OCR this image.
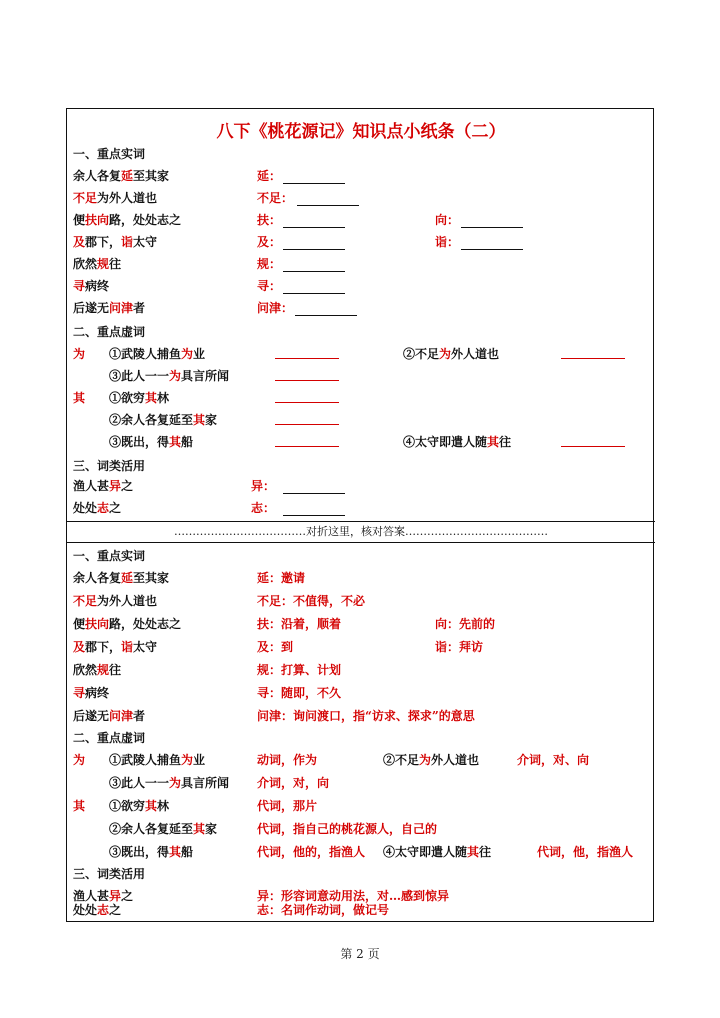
八下《桃花源记》知识点小纸条（二）
一、重点实词
余人各复延至其家	延：
不足为外人道也	不足：
便扶向路，处处志之	扶：	向：
及郡下，诣太守	及：	诣：
欣然规往	规：
寻病终	寻：
后遂无问津者	问津：
二、重点虚词
为 ①武陵人捕鱼为业	②不足为外人道也
③此人一一为具言所闻
其 ①欲穷其林
②余人各复延至其家
③既出，得其船	④太守即遣人随其往
三、词类活用
渔人甚异之	异：
处处志之	志：
………………………………对折这里，核对答案…………………………………
一、重点实词
余人各复延至其家	延：邀请
不足为外人道也	不足：不值得，不必
便扶向路，处处志之	扶：沿着，顺着	向：先前的
及郡下，诣太守	及：到	诣：拜访
欣然规往	规：打算、计划
寻病终	寻：随即，不久
后遂无问津者	问津：询问渡口，指“访求、探求”的意思
二、重点虚词
为 ①武陵人捕鱼为业	动词，作为	②不足为外人道也	介词，对、向
③此人一一为具言所闻 介词，对，向
其 ①欲穷其林	代词，那片
②余人各复延至其家	代词，指自己的桃花源人，自己的
③既出，得其船	代词，他的，指渔人 ④太守即遣人随其往	代词，他，指渔人
三、词类活用
渔人甚异之	异：形容词意动用法，对…感到惊异
处处志之	志：名词作动词，做记号
第 2 页
